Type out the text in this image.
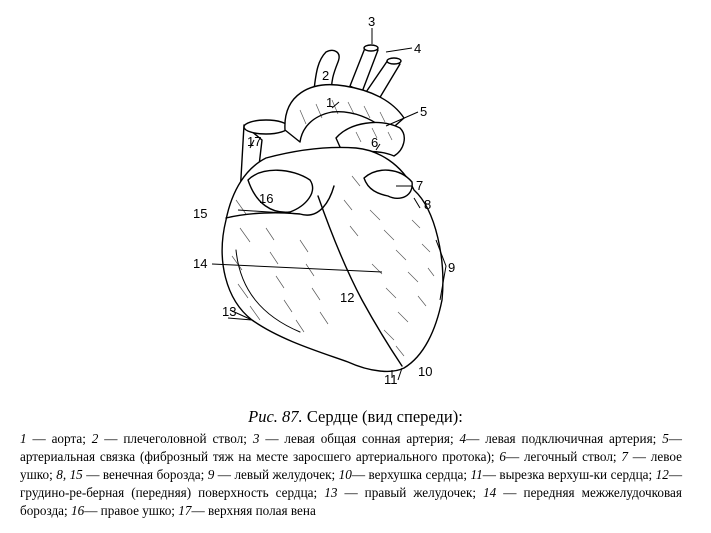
1
2
3
4
5
6
7
8
9
10
11
12
13
14
15
16
17
Рис. 87. Сердце (вид спереди):
1 — аорта; 2 — плечеголовной ствол; 3 — левая общая сонная артерия; 4— левая подключичная артерия; 5— артериальная связка (фиброзный тяж на месте заросшего артериального протока); 6— легочный ствол; 7 — левое ушко; 8, 15 — венечная борозда; 9 — левый желудочек; 10— верхушка сердца; 11— вырезка верхуш-ки сердца; 12— грудино-ре-берная (передняя) поверхность сердца; 13 — правый желудочек; 14 — передняя межжелудочковая борозда; 16— правое ушко; 17— верхняя полая вена
